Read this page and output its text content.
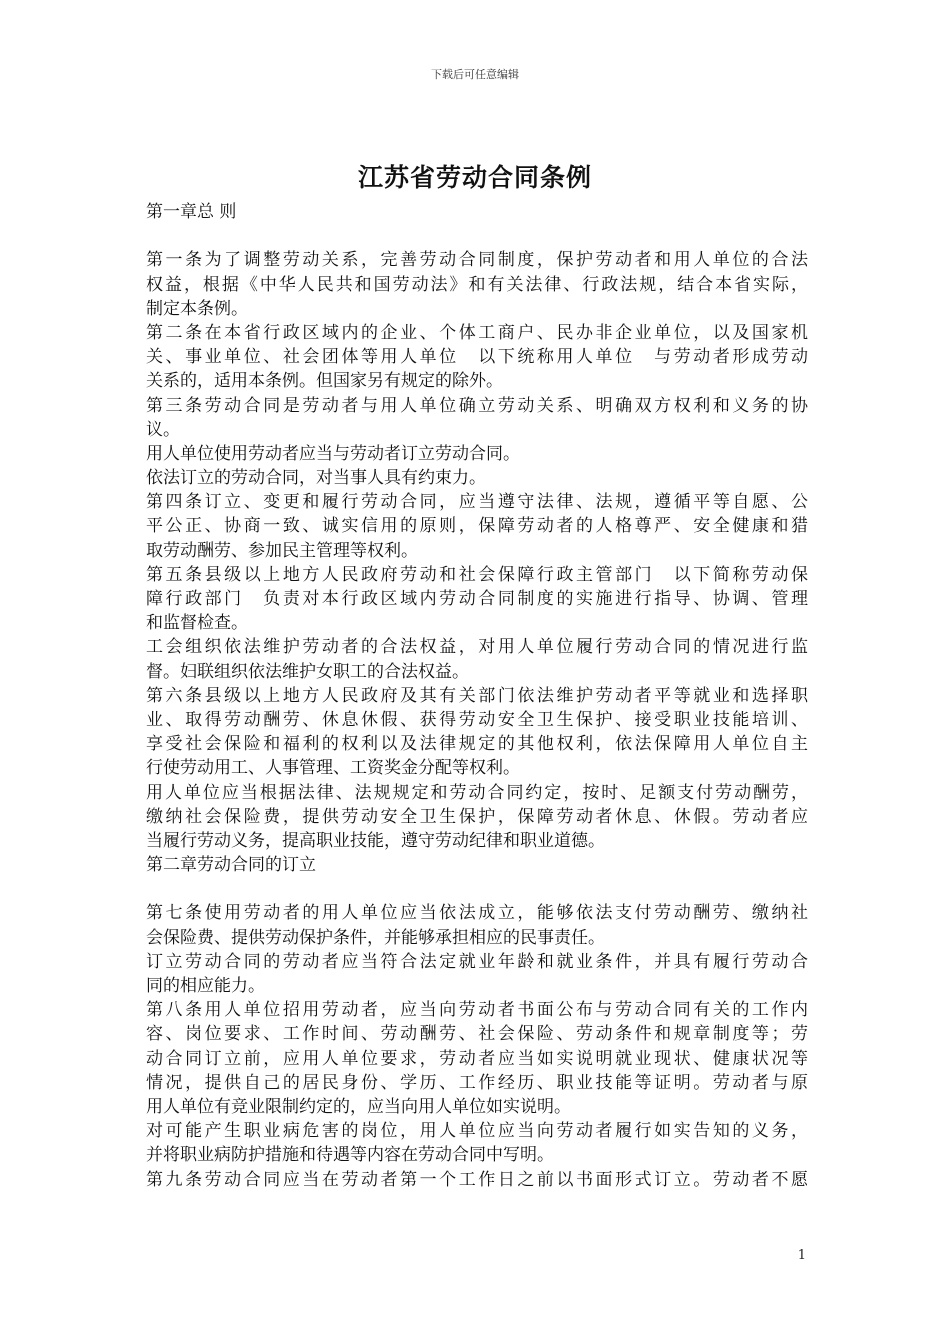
下载后可任意编辑
江苏省劳动合同条例
第一章总 则
第一条为了调整劳动关系，完善劳动合同制度，保护劳动者和用人单位的合法
权益，根据《中华人民共和国劳动法》和有关法律、行政法规，结合本省实际，
制定本条例。
第二条在本省行政区域内的企业、个体工商户、民办非企业单位，以及国家机
关、事业单位、社会团体等用人单位　以下统称用人单位　与劳动者形成劳动
关系的，适用本条例。但国家另有规定的除外。
第三条劳动合同是劳动者与用人单位确立劳动关系、明确双方权利和义务的协
议。
用人单位使用劳动者应当与劳动者订立劳动合同。
依法订立的劳动合同，对当事人具有约束力。
第四条订立、变更和履行劳动合同，应当遵守法律、法规，遵循平等自愿、公
平公正、协商一致、诚实信用的原则，保障劳动者的人格尊严、安全健康和猎
取劳动酬劳、参加民主管理等权利。
第五条县级以上地方人民政府劳动和社会保障行政主管部门　以下简称劳动保
障行政部门　负责对本行政区域内劳动合同制度的实施进行指导、协调、管理
和监督检查。
工会组织依法维护劳动者的合法权益，对用人单位履行劳动合同的情况进行监
督。妇联组织依法维护女职工的合法权益。
第六条县级以上地方人民政府及其有关部门依法维护劳动者平等就业和选择职
业、取得劳动酬劳、休息休假、获得劳动安全卫生保护、接受职业技能培训、
享受社会保险和福利的权利以及法律规定的其他权利，依法保障用人单位自主
行使劳动用工、人事管理、工资奖金分配等权利。
用人单位应当根据法律、法规规定和劳动合同约定，按时、足额支付劳动酬劳，
缴纳社会保险费，提供劳动安全卫生保护，保障劳动者休息、休假。劳动者应
当履行劳动义务，提高职业技能，遵守劳动纪律和职业道德。
第二章劳动合同的订立
第七条使用劳动者的用人单位应当依法成立，能够依法支付劳动酬劳、缴纳社
会保险费、提供劳动保护条件，并能够承担相应的民事责任。
订立劳动合同的劳动者应当符合法定就业年龄和就业条件，并具有履行劳动合
同的相应能力。
第八条用人单位招用劳动者，应当向劳动者书面公布与劳动合同有关的工作内
容、岗位要求、工作时间、劳动酬劳、社会保险、劳动条件和规章制度等；劳
动合同订立前，应用人单位要求，劳动者应当如实说明就业现状、健康状况等
情况，提供自己的居民身份、学历、工作经历、职业技能等证明。劳动者与原
用人单位有竞业限制约定的，应当向用人单位如实说明。
对可能产生职业病危害的岗位，用人单位应当向劳动者履行如实告知的义务，
并将职业病防护措施和待遇等内容在劳动合同中写明。
第九条劳动合同应当在劳动者第一个工作日之前以书面形式订立。劳动者不愿
1
